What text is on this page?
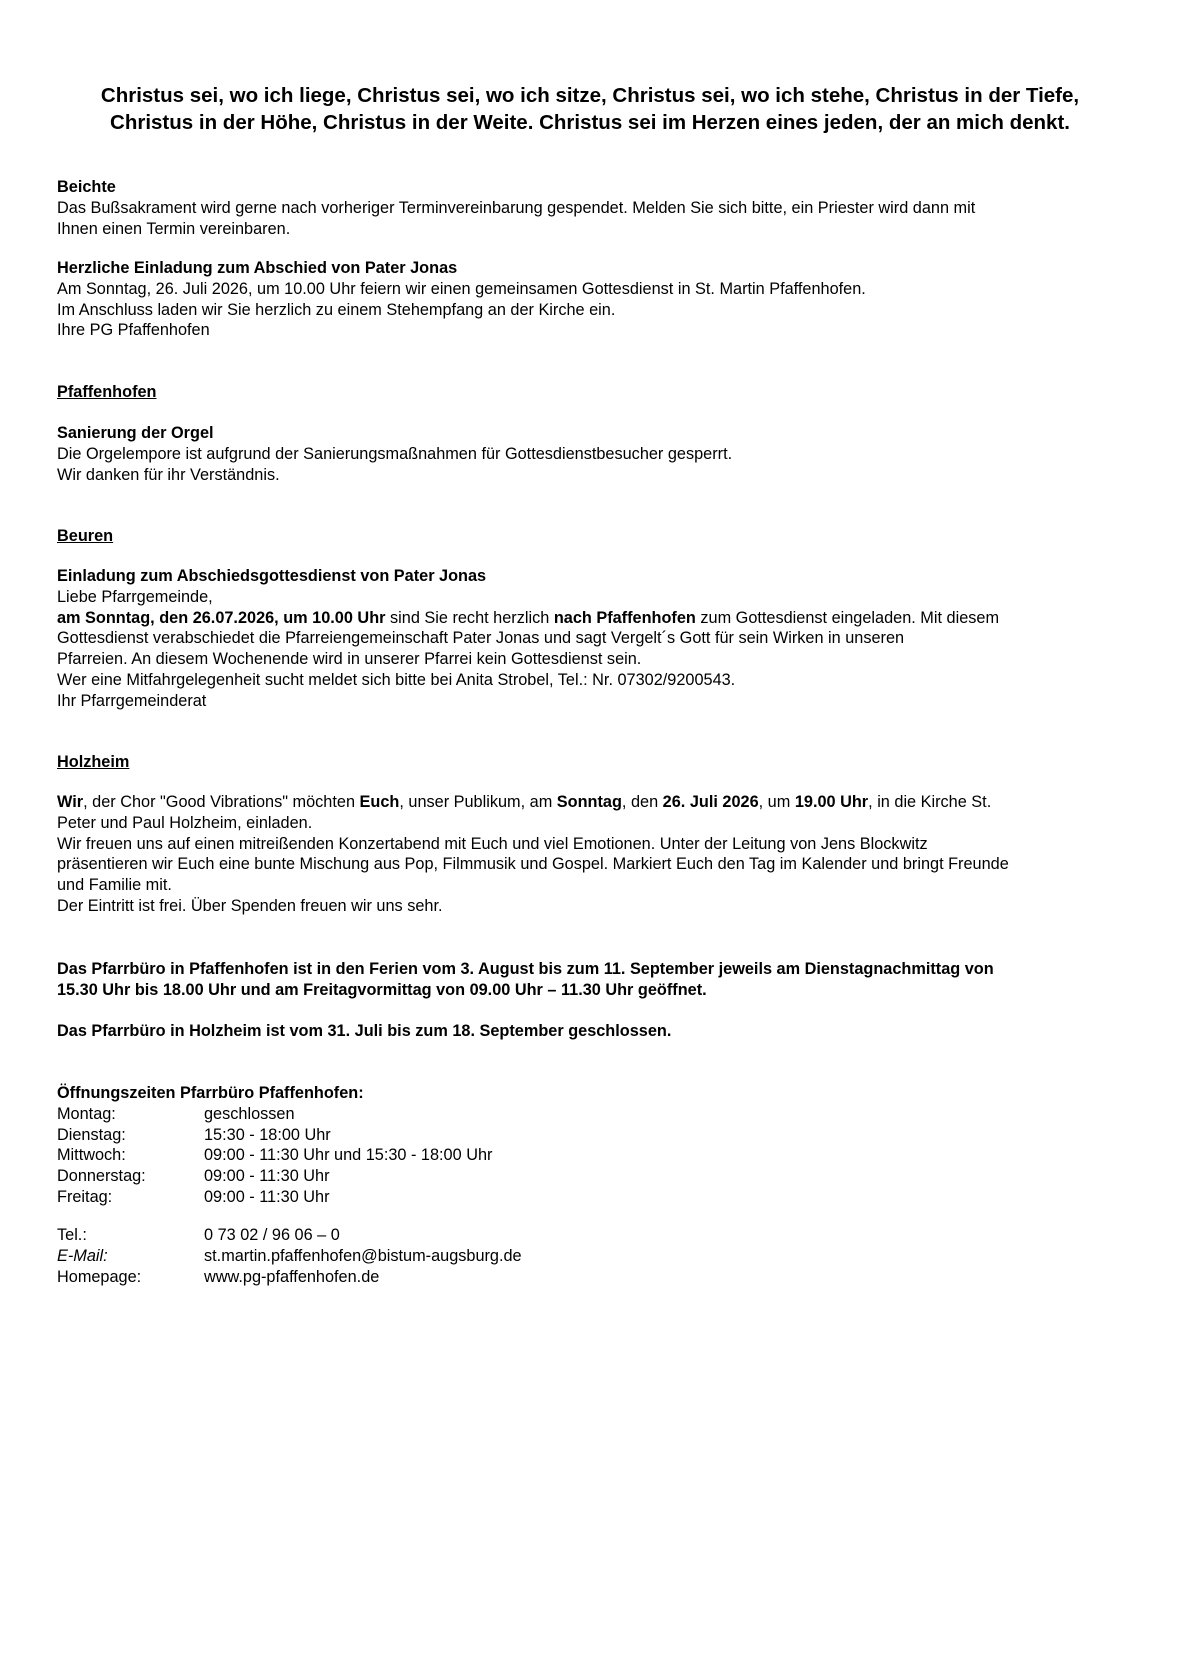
Christus sei, wo ich liege, Christus sei, wo ich sitze, Christus sei, wo ich stehe, Christus in der Tiefe,

Christus in der Höhe, Christus in der Weite. Christus sei im Herzen eines jeden, der an mich denkt.

Beichte

Das Bußsakrament wird gerne nach vorheriger Terminvereinbarung gespendet. Melden Sie sich bitte, ein Priester wird dann mit

Ihnen einen Termin vereinbaren.

Herzliche Einladung zum Abschied von Pater Jonas

Am Sonntag, 26. Juli 2026, um 10.00 Uhr feiern wir einen gemeinsamen Gottesdienst in St. Martin Pfaffenhofen.

Im Anschluss laden wir Sie herzlich zu einem Stehempfang an der Kirche ein.

Ihre PG Pfaffenhofen

Pfaffenhofen

Sanierung der Orgel

Die Orgelempore ist aufgrund der Sanierungsmaßnahmen für Gottesdienstbesucher gesperrt.

Wir danken für ihr Verständnis.

Beuren

Einladung zum Abschiedsgottesdienst von Pater Jonas

Liebe Pfarrgemeinde,

am Sonntag, den 26.07.2026, um 10.00 Uhr sind Sie recht herzlich nach Pfaffenhofen zum Gottesdienst eingeladen. Mit diesem

Gottesdienst verabschiedet die Pfarreiengemeinschaft Pater Jonas und sagt Vergelt´s Gott für sein Wirken in unseren

Pfarreien. An diesem Wochenende wird in unserer Pfarrei kein Gottesdienst sein.

Wer eine Mitfahrgelegenheit sucht meldet sich bitte bei Anita Strobel, Tel.: Nr. 07302/9200543.

Ihr Pfarrgemeinderat

Holzheim

Wir, der Chor "Good Vibrations" möchten Euch, unser Publikum, am Sonntag, den 26. Juli 2026, um 19.00 Uhr, in die Kirche St.

Peter und Paul Holzheim, einladen.

Wir freuen uns auf einen mitreißenden Konzertabend mit Euch und viel Emotionen. Unter der Leitung von Jens Blockwitz

präsentieren wir Euch eine bunte Mischung aus Pop, Filmmusik und Gospel. Markiert Euch den Tag im Kalender und bringt Freunde

und Familie mit.

Der Eintritt ist frei. Über Spenden freuen wir uns sehr.

Das Pfarrbüro in Pfaffenhofen ist in den Ferien vom 3. August bis zum 11. September jeweils am Dienstagnachmittag von

15.30 Uhr bis 18.00 Uhr und am Freitagvormittag von 09.00 Uhr – 11.30 Uhr geöffnet.

Das Pfarrbüro in Holzheim ist vom 31. Juli bis zum 18. September geschlossen.

Öffnungszeiten Pfarrbüro Pfaffenhofen:

Montag:	geschlossen
Dienstag:	15:30 - 18:00 Uhr
Mittwoch:	09:00 - 11:30 Uhr und 15:30 - 18:00 Uhr
Donnerstag:	09:00 - 11:30 Uhr
Freitag:	09:00 - 11:30 Uhr
Tel.:	0 73 02 / 96 06 – 0
E-Mail:	st.martin.pfaffenhofen@bistum-augsburg.de
Homepage:	www.pg-pfaffenhofen.de
